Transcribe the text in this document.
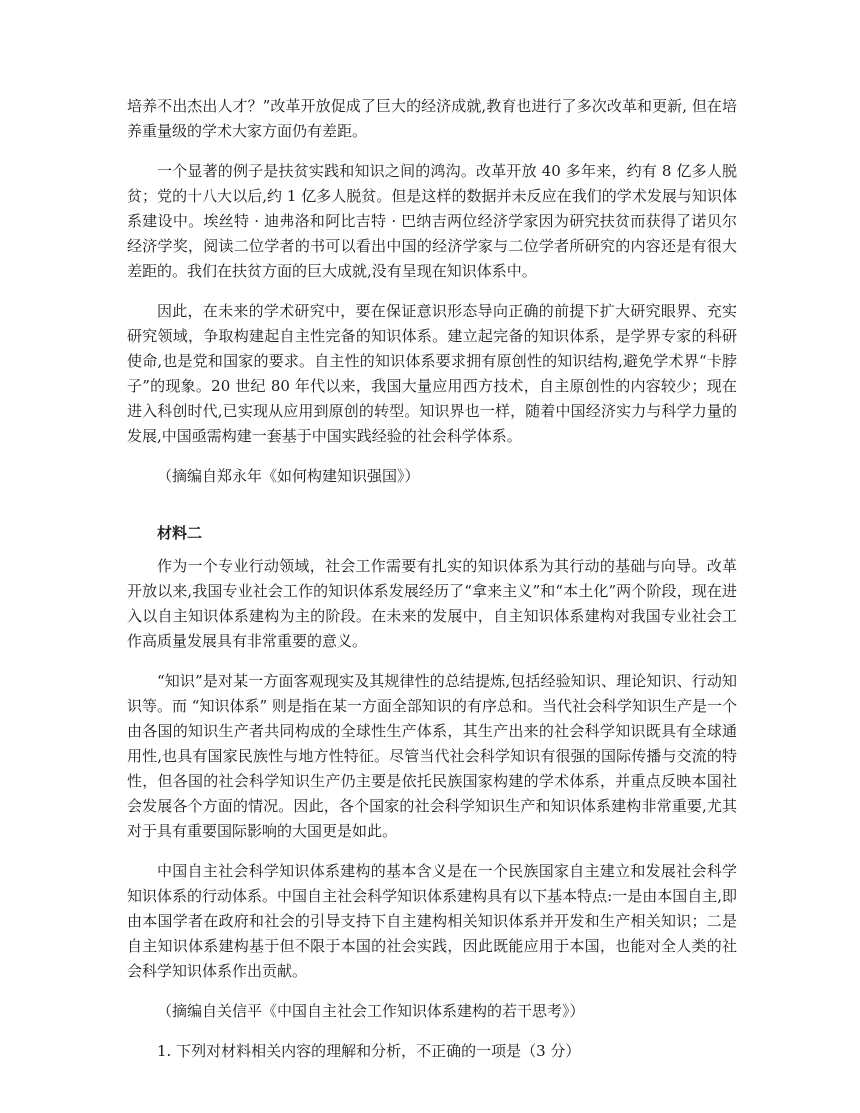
培养不出杰出人才？”改革开放促成了巨大的经济成就,教育也进行了多次改革和更新, 但在培养重量级的学术大家方面仍有差距。

一个显著的例子是扶贫实践和知识之间的鸿沟。改革开放 40 多年来，约有 8 亿多人脱贫；党的十八大以后,约 1 亿多人脱贫。但是这样的数据并未反应在我们的学术发展与知识体系建设中。埃丝特 · 迪弗洛和阿比吉特 · 巴纳吉两位经济学家因为研究扶贫而获得了诺贝尔经济学奖，阅读二位学者的书可以看出中国的经济学家与二位学者所研究的内容还是有很大差距的。我们在扶贫方面的巨大成就,没有呈现在知识体系中。

因此，在未来的学术研究中，要在保证意识形态导向正确的前提下扩大研究眼界、充实研究领域，争取构建起自主性完备的知识体系。建立起完备的知识体系，是学界专家的科研使命,也是党和国家的要求。自主性的知识体系要求拥有原创性的知识结构,避免学术界“卡脖子”的现象。20 世纪 80 年代以来，我国大量应用西方技术，自主原创性的内容较少；现在进入科创时代,已实现从应用到原创的转型。知识界也一样，随着中国经济实力与科学力量的发展,中国亟需构建一套基于中国实践经验的社会科学体系。

（摘编自郑永年《如何构建知识强国》）

材料二

作为一个专业行动领域，社会工作需要有扎实的知识体系为其行动的基础与向导。改革开放以来,我国专业社会工作的知识体系发展经历了“拿来主义”和“本土化”两个阶段，现在进入以自主知识体系建构为主的阶段。在未来的发展中，自主知识体系建构对我国专业社会工作高质量发展具有非常重要的意义。

“知识”是对某一方面客观现实及其规律性的总结提炼,包括经验知识、理论知识、行动知识等。而 “知识体系” 则是指在某一方面全部知识的有序总和。当代社会科学知识生产是一个由各国的知识生产者共同构成的全球性生产体系，其生产出来的社会科学知识既具有全球通用性,也具有国家民族性与地方性特征。尽管当代社会科学知识有很强的国际传播与交流的特性，但各国的社会科学知识生产仍主要是依托民族国家构建的学术体系，并重点反映本国社会发展各个方面的情况。因此，各个国家的社会科学知识生产和知识体系建构非常重要,尤其对于具有重要国际影响的大国更是如此。

中国自主社会科学知识体系建构的基本含义是在一个民族国家自主建立和发展社会科学知识体系的行动体系。中国自主社会科学知识体系建构具有以下基本特点:一是由本国自主,即由本国学者在政府和社会的引导支持下自主建构相关知识体系并开发和生产相关知识；二是自主知识体系建构基于但不限于本国的社会实践，因此既能应用于本国，也能对全人类的社会科学知识体系作出贡献。

（摘编自关信平《中国自主社会工作知识体系建构的若干思考》）

1. 下列对材料相关内容的理解和分析，不正确的一项是（3 分）
